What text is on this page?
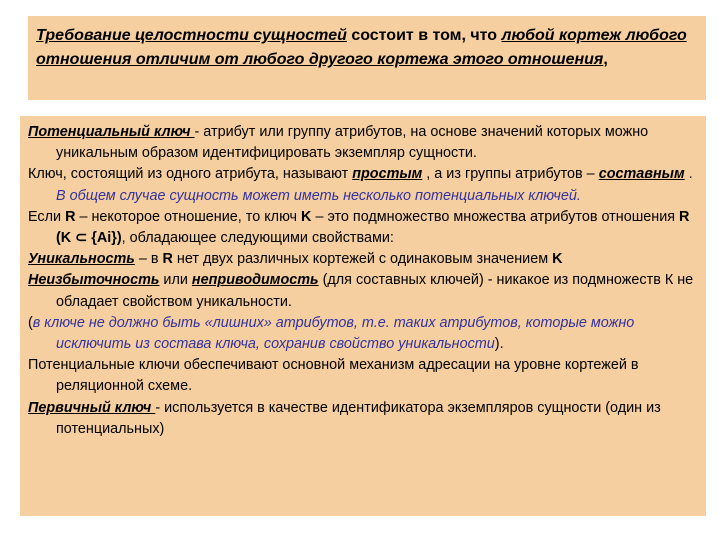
Требование целостности сущностей состоит в том, что любой кортеж любого отношения отличим от любого другого кортежа этого отношения,

Потенциальный ключ - атрибут или группу атрибутов, на основе значений которых можно уникальным образом идентифицировать экземпляр сущности.

Ключ, состоящий из одного атрибута, называют простым , а из группы атрибутов – составным . В общем случае сущность может иметь несколько потенциальных ключей.

Если R – некоторое отношение, то ключ K – это подмножество множества атрибутов отношения R (K ⊂ {Ai}), обладающее следующими свойствами:

Уникальность – в R нет двух различных кортежей с одинаковым значением K

Неизбыточность или неприводимость (для составных ключей) - никакое из подмножеств К не обладает свойством уникальности.

(в ключе не должно быть «лишних» атрибутов, т.е. таких атрибутов, которые можно исключить из состава ключа, сохранив свойство уникальности).

Потенциальные ключи обеспечивают основной механизм адресации на уровне кортежей в реляционной схеме.

Первичный ключ - используется в качестве идентификатора экземпляров сущности (один из потенциальных)
